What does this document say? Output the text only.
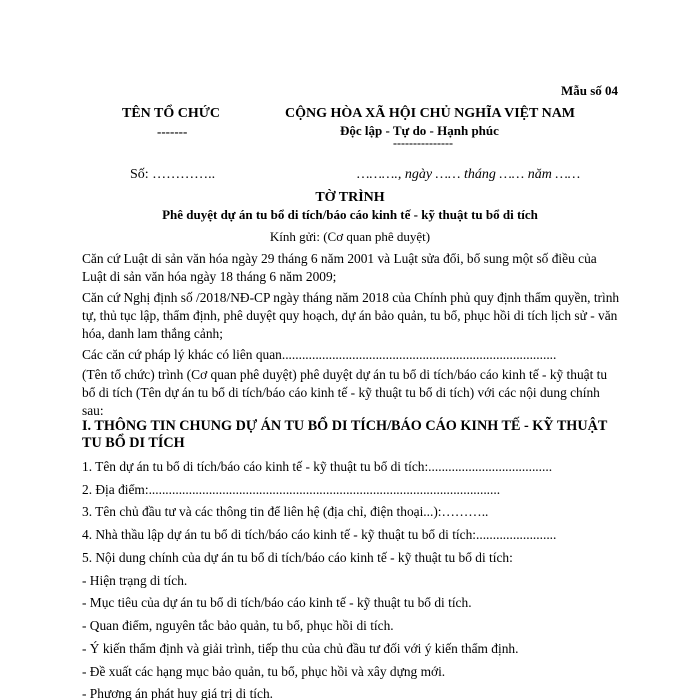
Mẫu số 04
TÊN TỔ CHỨC
-------
CỘNG HÒA XÃ HỘI CHỦ NGHĨA VIỆT NAM
Độc lập - Tự do - Hạnh phúc
---------------
Số: …………..	………., ngày …… tháng …… năm ……
TỜ TRÌNH
Phê duyệt dự án tu bổ di tích/báo cáo kinh tế - kỹ thuật tu bổ di tích
Kính gửi: (Cơ quan phê duyệt)
Căn cứ Luật di sản văn hóa ngày 29 tháng 6 năm 2001 và Luật sửa đổi, bổ sung một số điều của Luật di sản văn hóa ngày 18 tháng 6 năm 2009;
Căn cứ Nghị định số /2018/NĐ-CP ngày tháng năm 2018 của Chính phủ quy định thẩm quyền, trình tự, thủ tục lập, thẩm định, phê duyệt quy hoạch, dự án bảo quản, tu bổ, phục hồi di tích lịch sử - văn hóa, danh lam thắng cảnh;
Các căn cứ pháp lý khác có liên quan..................................................................................
(Tên tổ chức) trình (Cơ quan phê duyệt) phê duyệt dự án tu bổ di tích/báo cáo kinh tế - kỹ thuật tu bổ di tích (Tên dự án tu bổ di tích/báo cáo kinh tế - kỹ thuật tu bổ di tích) với các nội dung chính sau:
I. THÔNG TIN CHUNG DỰ ÁN TU BỔ DI TÍCH/BÁO CÁO KINH TẾ - KỸ THUẬT TU BỔ DI TÍCH
1. Tên dự án tu bổ di tích/báo cáo kinh tế - kỹ thuật tu bổ di tích:.....................................
2. Địa điểm:.........................................................................................................
3. Tên chủ đầu tư và các thông tin để liên hệ (địa chỉ, điện thoại...):………..
4. Nhà thầu lập dự án tu bổ di tích/báo cáo kinh tế - kỹ thuật tu bổ di tích:........................
5. Nội dung chính của dự án tu bổ di tích/báo cáo kinh tế - kỹ thuật tu bổ di tích:
- Hiện trạng di tích.
- Mục tiêu của dự án tu bổ di tích/báo cáo kinh tế - kỹ thuật tu bổ di tích.
- Quan điểm, nguyên tắc bảo quản, tu bổ, phục hồi di tích.
- Ý kiến thẩm định và giải trình, tiếp thu của chủ đầu tư đối với ý kiến thẩm định.
- Đề xuất các hạng mục bảo quản, tu bổ, phục hồi và xây dựng mới.
- Phương án phát huy giá trị di tích.
